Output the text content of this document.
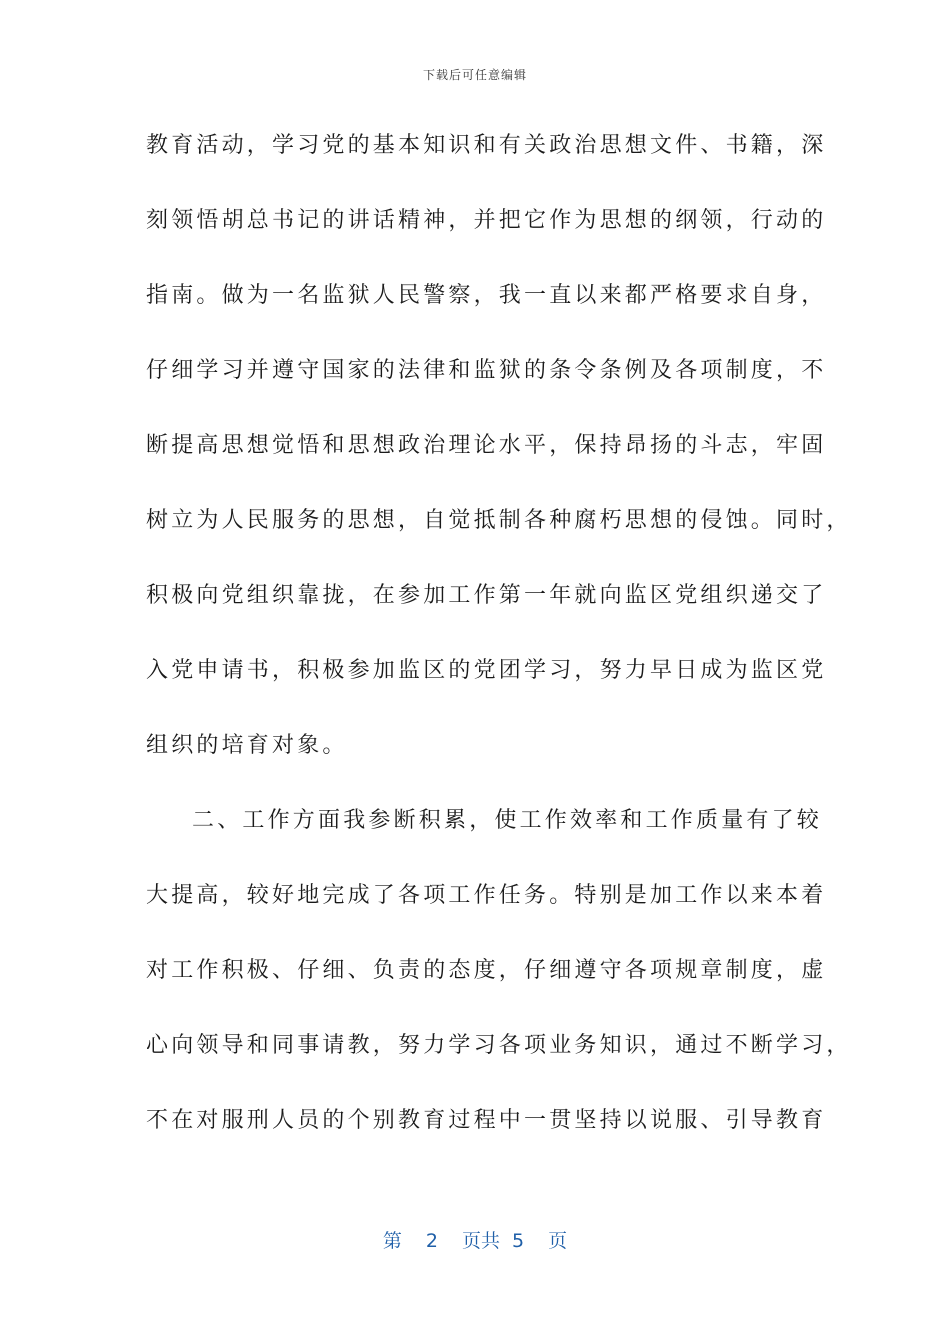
下载后可任意编辑
教育活动，学习党的基本知识和有关政治思想文件、书籍，深
刻领悟胡总书记的讲话精神，并把它作为思想的纲领，行动的
指南。做为一名监狱人民警察，我一直以来都严格要求自身，
仔细学习并遵守国家的法律和监狱的条令条例及各项制度，不
断提高思想觉悟和思想政治理论水平，保持昂扬的斗志，牢固
树立为人民服务的思想，自觉抵制各种腐朽思想的侵蚀。同时，
积极向党组织靠拢，在参加工作第一年就向监区党组织递交了
入党申请书，积极参加监区的党团学习，努力早日成为监区党
组织的培育对象。
二、工作方面我参断积累，使工作效率和工作质量有了较
大提高，较好地完成了各项工作任务。特别是加工作以来本着
对工作积极、仔细、负责的态度，仔细遵守各项规章制度，虚
心向领导和同事请教，努力学习各项业务知识，通过不断学习，
不在对服刑人员的个别教育过程中一贯坚持以说服、引导教育
第 2 页共 5 页
